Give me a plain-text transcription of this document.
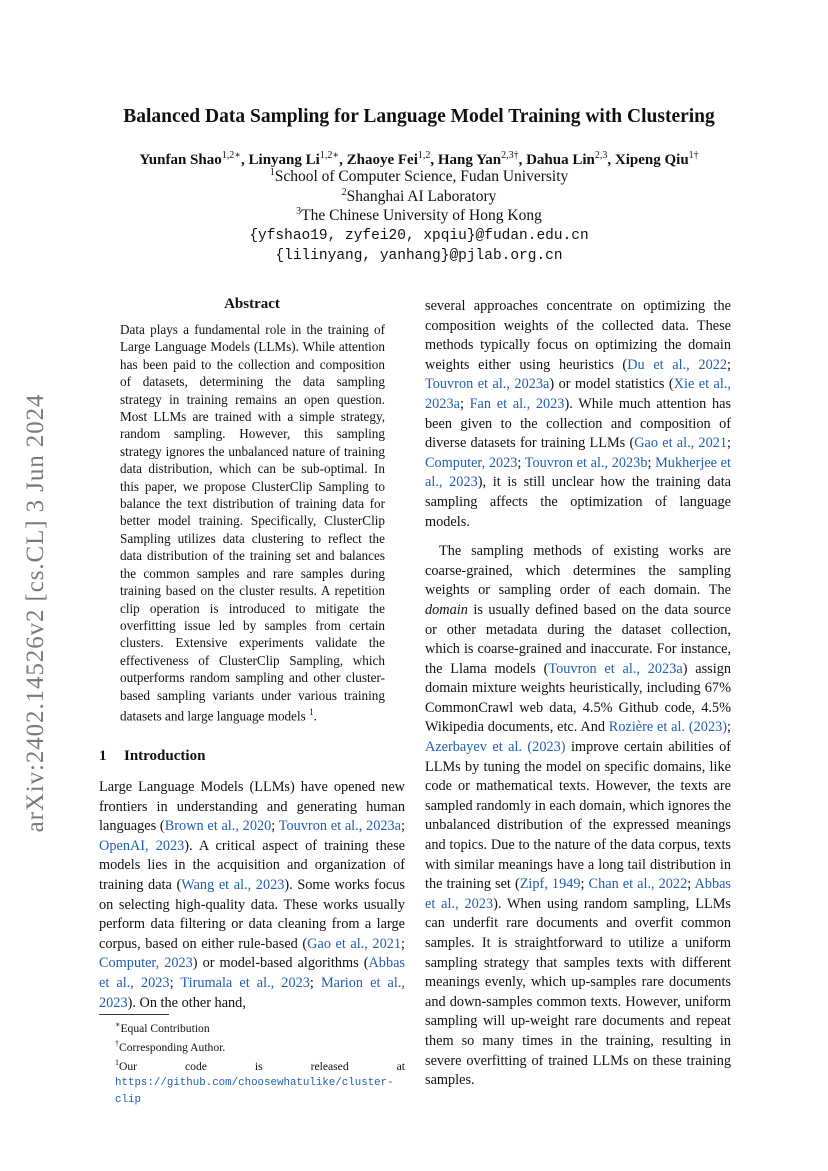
arXiv:2402.14526v2 [cs.CL] 3 Jun 2024
Balanced Data Sampling for Language Model Training with Clustering
Yunfan Shao$^{1,2∗}$, Linyang $Li^{1,2∗}$, Zhaoye Fei$^{1,2}$, Hang Yan$^{2,3\dagger}$, Dahua Lin$^{2,3}$, Xipeng Qiu$^{1\dagger}$
$^1$School of Computer Science, Fudan University
$^2$Shanghai AI Laboratory
$^3$The Chinese University of Hong Kong
{yfshao19, zyfei20, xpqiu}@fudan.edu.cn
{lilinyang, yanhang}@pjlab.org.cn
Abstract
Data plays a fundamental role in the training of Large Language Models (LLMs). While attention has been paid to the collection and composition of datasets, determining the data sampling strategy in training remains an open question. Most LLMs are trained with a simple strategy, random sampling. However, this sampling strategy ignores the unbalanced nature of training data distribution, which can be sub-optimal. In this paper, we propose ClusterClip Sampling to balance the text distribution of training data for better model training. Specifically, ClusterClip Sampling utilizes data clustering to reflect the data distribution of the training set and balances the common samples and rare samples during training based on the cluster results. A repetition clip operation is introduced to mitigate the overfitting issue led by samples from certain clusters. Extensive experiments validate the effectiveness of ClusterClip Sampling, which outperforms random sampling and other cluster-based sampling variants under various training datasets and large language models $^1$.
1 Introduction

Large Language Models (LLMs) have opened new frontiers in understanding and generating human languages (Brown et al., 2020; Touvron et al., 2023a; OpenAI, 2023). A critical aspect of training these models lies in the acquisition and organization of training data (Wang et al., 2023). Some works focus on selecting high-quality data. These works usually perform data filtering or data cleaning from a large corpus, based on either rule-based (Gao et al., 2021; Computer, 2023) or model-based algorithms (Abbas et al., 2023; Tirumala et al., 2023; Marion et al., 2023). On the other hand,

several approaches concentrate on optimizing the composition weights of the collected data. These methods typically focus on optimizing the domain weights either using heuristics (Du et al., 2022; Touvron et al., 2023a) or model statistics (Xie et al., 2023a; Fan et al., 2023). While much attention has been given to the collection and composition of diverse datasets for training LLMs (Gao et al., 2021; Computer, 2023; Touvron et al., 2023b; Mukherjee et al., 2023), it is still unclear how the training data sampling affects the optimization of language models.

The sampling methods of existing works are coarse-grained, which determines the sampling weights or sampling order of each domain. The domain is usually defined based on the data source or other metadata during the dataset collection, which is coarse-grained and inaccurate. For instance, the Llama models (Touvron et al., 2023a) assign domain mixture weights heuristically, including 67% CommonCrawl web data, 4.5% Github code, 4.5% Wikipedia documents, etc. And Rozière et al. (2023); Azerbayev et al. (2023) improve certain abilities of LLMs by tuning the model on specific domains, like code or mathematical texts. However, the texts are sampled randomly in each domain, which ignores the unbalanced distribution of the expressed meanings and topics. Due to the nature of the data corpus, texts with similar meanings have a long tail distribution in the training set (Zipf, 1949; Chan et al., 2022; Abbas et al., 2023). When using random sampling, LLMs can underfit rare documents and overfit common samples. It is straightforward to utilize a uniform sampling strategy that samples texts with different meanings evenly, which up-samples rare documents and down-samples common texts. However, uniform sampling will up-weight rare documents and repeat them so many times in the training, resulting in severe overfitting of trained LLMs on these training samples.

∗Equal Contribution

†Corresponding Author.

$^1$Our code is released at https://github.com/choosewhatulike/cluster-clip
